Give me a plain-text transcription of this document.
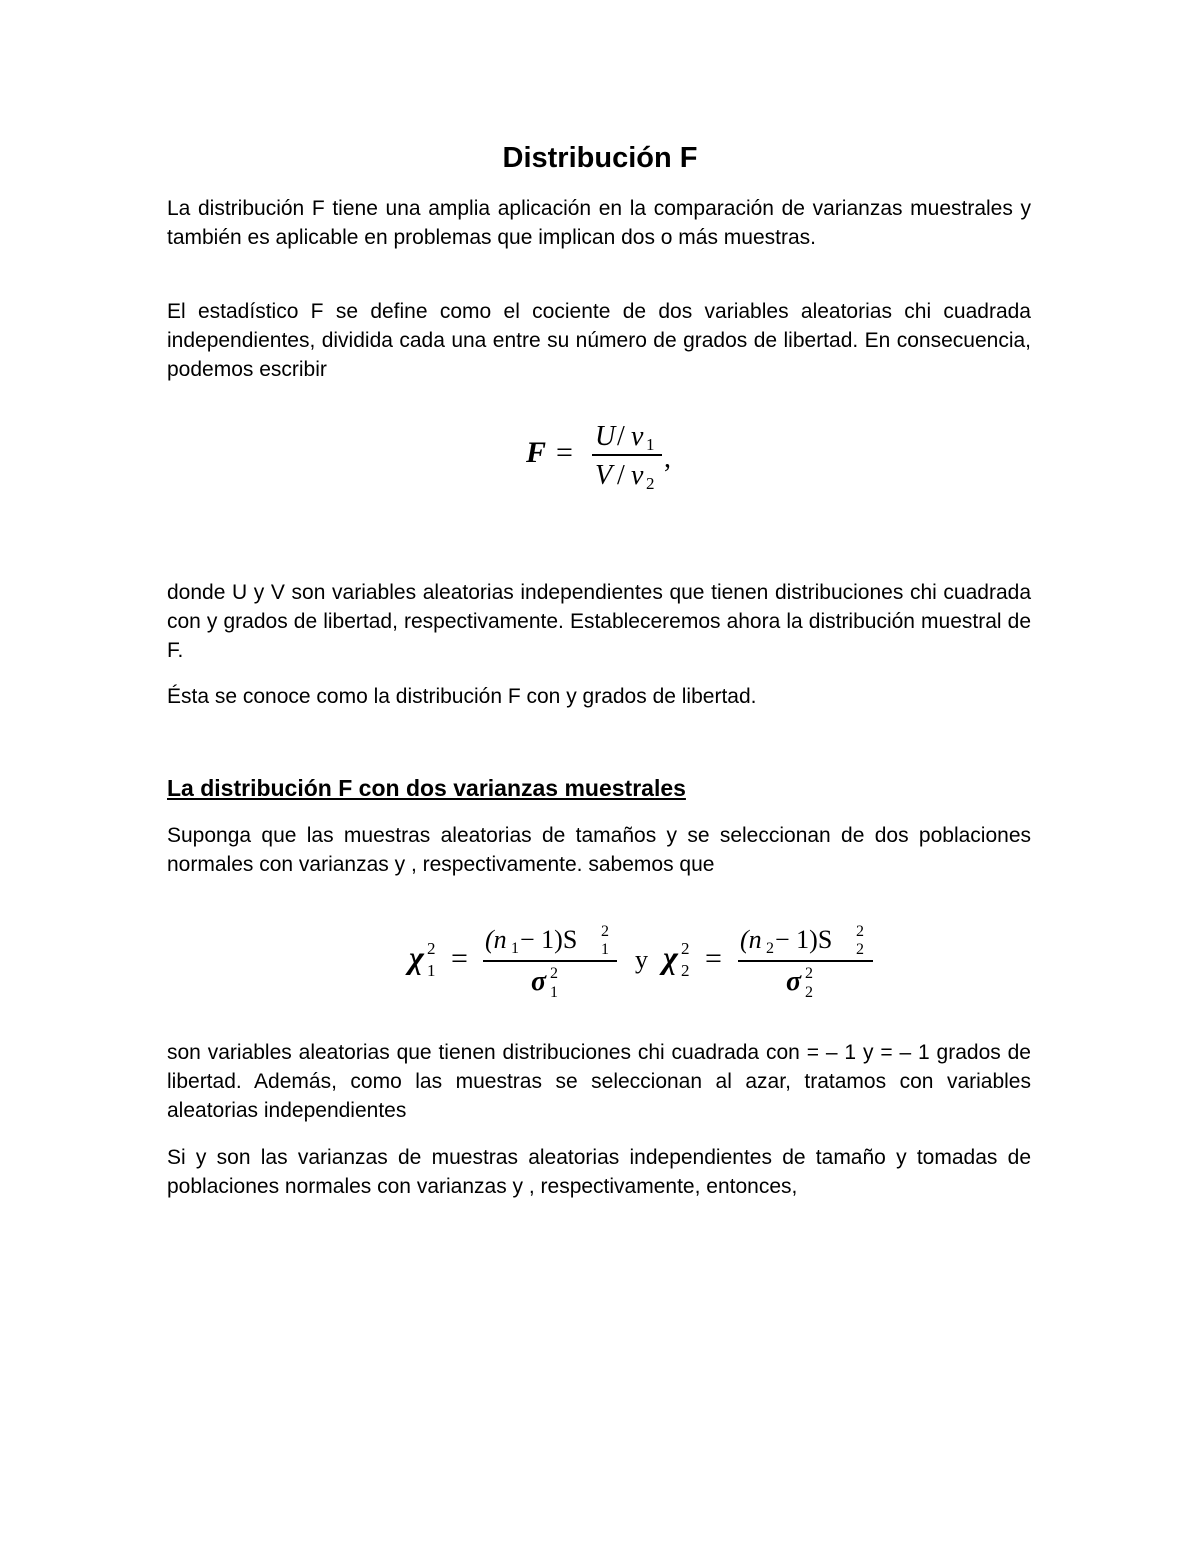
Distribución F

La distribución F tiene una amplia aplicación en la comparación de varianzas muestrales y también es aplicable en problemas que implican dos o más muestras.

El estadístico F se define como el cociente de dos variables aleatorias chi cuadrada independientes, dividida cada una entre su número de grados de libertad. En consecuencia, podemos escribir

F = U / ν 1
V / ν 2
,

donde U y V son variables aleatorias independientes que tienen distribuciones chi cuadrada con y grados de libertad, respectivamente. Estableceremos ahora la distribución muestral de F.

Ésta se conoce como la distribución F con y grados de libertad.

La distribución F con dos varianzas muestrales

Suponga que las muestras aleatorias de tamaños y se seleccionan de dos poblaciones normales con varianzas y , respectivamente. sabemos que

χ 2
1 =
(n 1 − 1)S 2
1
σ 2
1
y χ 2
2 =
(n 2 − 1)S 2
2
σ 2
2

son variables aleatorias que tienen distribuciones chi cuadrada con = – 1 y = – 1 grados de libertad. Además, como las muestras se seleccionan al azar, tratamos con variables aleatorias independientes

Si y son las varianzas de muestras aleatorias independientes de tamaño y tomadas de poblaciones normales con varianzas y , respectivamente, entonces,
